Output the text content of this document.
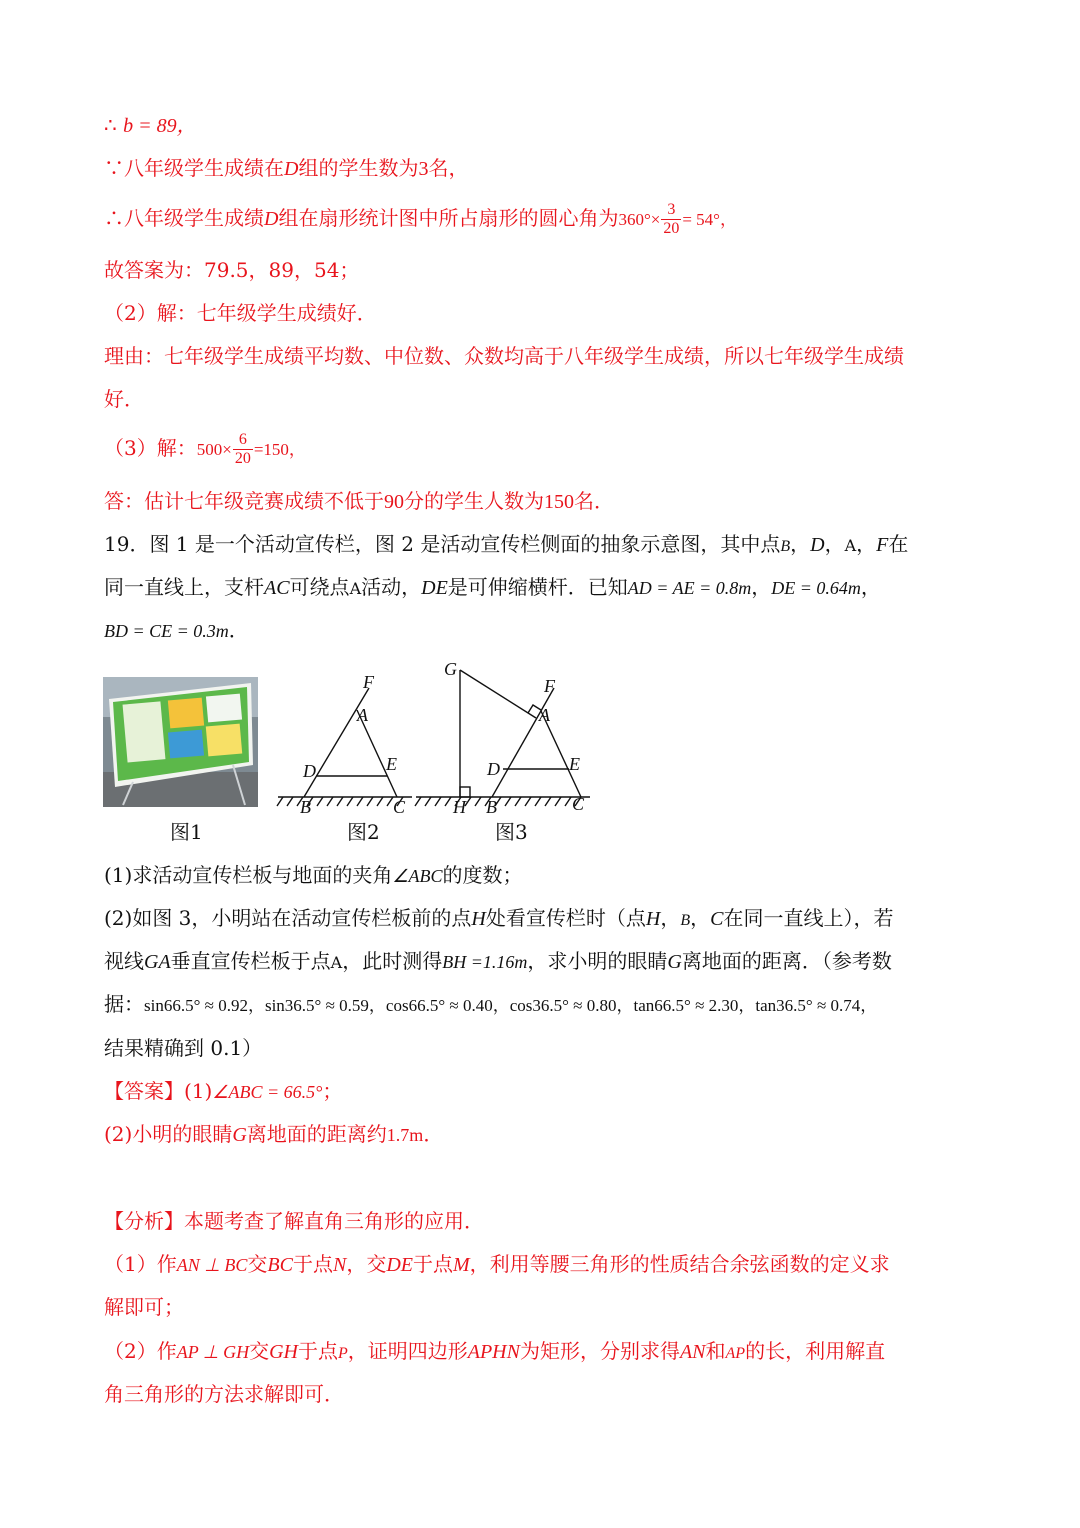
∴ b = 89，
∵八年级学生成绩在D组的学生数为3名，
∴八年级学生成绩D组在扇形统计图中所占扇形的圆心角为$360^\circ\times \frac{3}{20} = 54^\circ$，
故答案为：79.5，89，54；
（2）解：七年级学生成绩好．
理由：七年级学生成绩平均数、中位数、众数均高于八年级学生成绩，所以七年级学生成绩
好．
（3）解：$500\times \frac{6}{20} =150$，
答：估计七年级竞赛成绩不低于90分的学生人数为150名．
19．图 1 是一个活动宣传栏，图 2 是活动宣传栏侧面的抽象示意图，其中点B，D，A，F在
同一直线上，支杆AC可绕点A活动，DE是可伸缩横杆．已知AD = AE = 0.8m，DE = 0.64m，
BD = CE = 0.3m．
图1
F
A
D	E
B	C
图2
G
F
A
D	E
H B	C
图3
(1)求活动宣传栏板与地面的夹角∠ABC的度数；
(2)如图 3，小明站在活动宣传栏板前的点H处看宣传栏时（点H，B，C在同一直线上），若
视线GA垂直宣传栏板于点A，此时测得BH =1.16m，求小明的眼睛G离地面的距离．（参考数
据：sin66.5° ≈ 0.92，sin36.5° ≈ 0.59，cos66.5° ≈ 0.40，cos36.5° ≈ 0.80，tan66.5° ≈ 2.30，tan36.5° ≈ 0.74，
结果精确到 0.1）
【答案】(1)∠ABC = 66.5°；
(2)小明的眼睛G离地面的距离约1.7m．
【分析】本题考查了解直角三角形的应用．
（1）作AN ⊥ BC交BC于点N，交DE于点M，利用等腰三角形的性质结合余弦函数的定义求
解即可；
（2）作AP ⊥ GH交GH于点P，证明四边形APHN为矩形，分别求得AN和AP的长，利用解直
角三角形的方法求解即可．
